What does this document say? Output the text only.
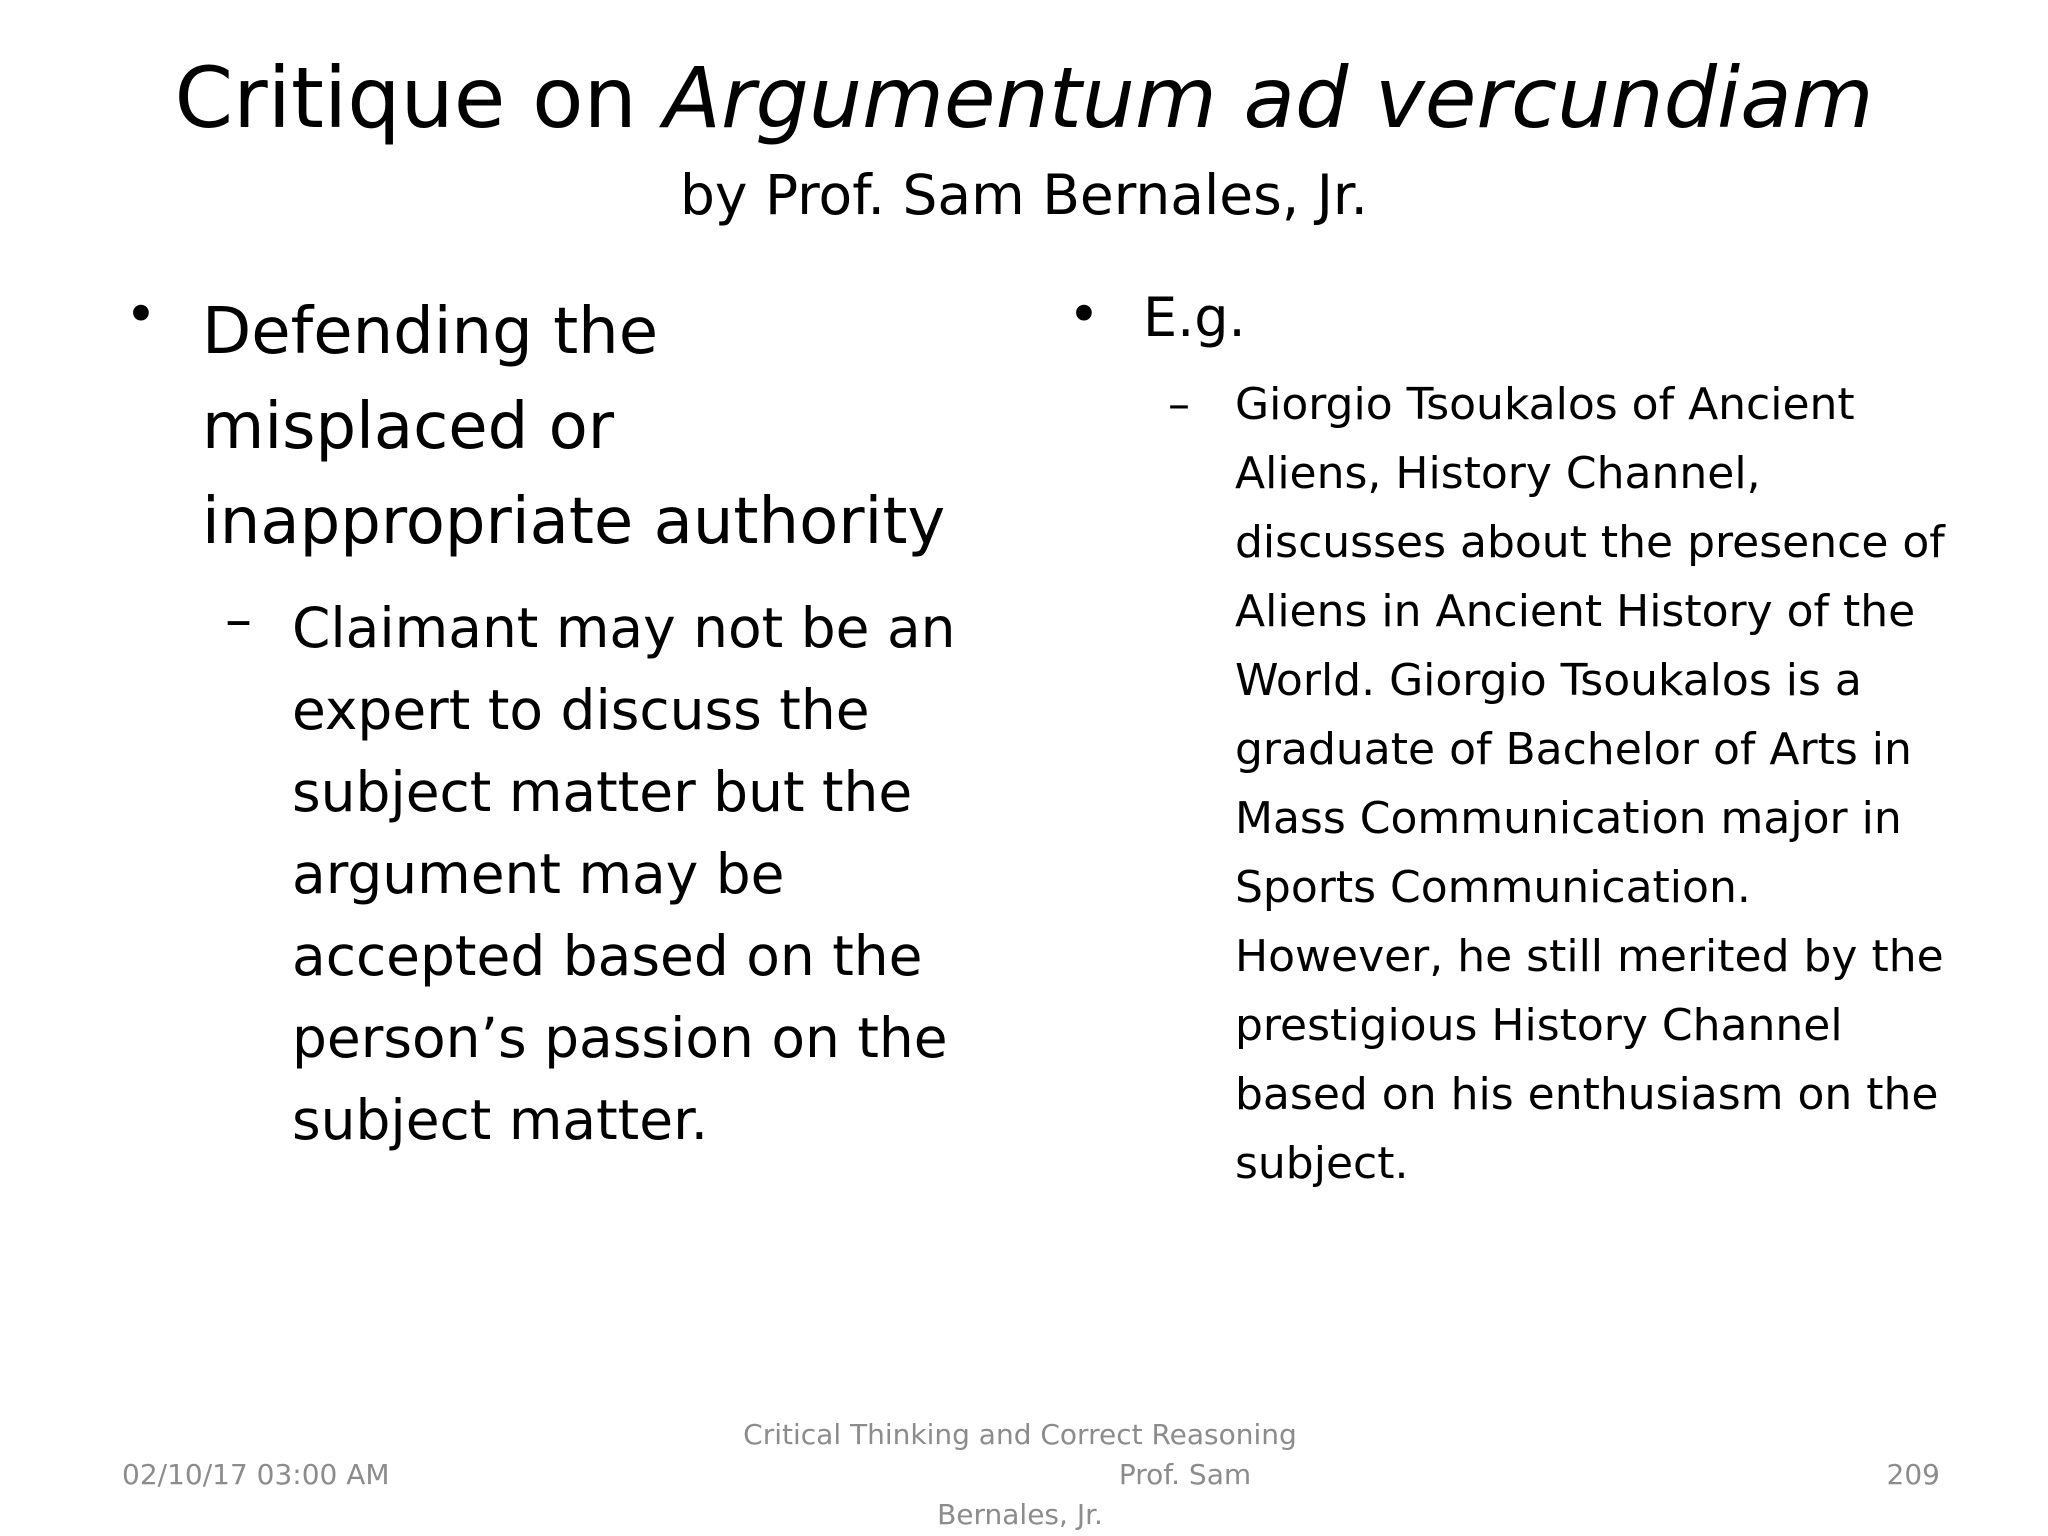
Critique on Argumentum ad vercundiam
by Prof. Sam Bernales, Jr.
• Defending the misplaced or inappropriate authority
– Claimant may not be an expert to discuss the subject matter but the argument may be accepted based on the person’s passion on the subject matter.
• E.g.
– Giorgio Tsoukalos of Ancient Aliens, History Channel, discusses about the presence of Aliens in Ancient History of the World. Giorgio Tsoukalos is a graduate of Bachelor of Arts in Mass Communication major in Sports Communication. However, he still merited by the prestigious History Channel based on his enthusiasm on the subject.
02/10/17 03:00 AM
Critical Thinking and Correct Reasoning
Prof. Sam
Bernales, Jr.
209
